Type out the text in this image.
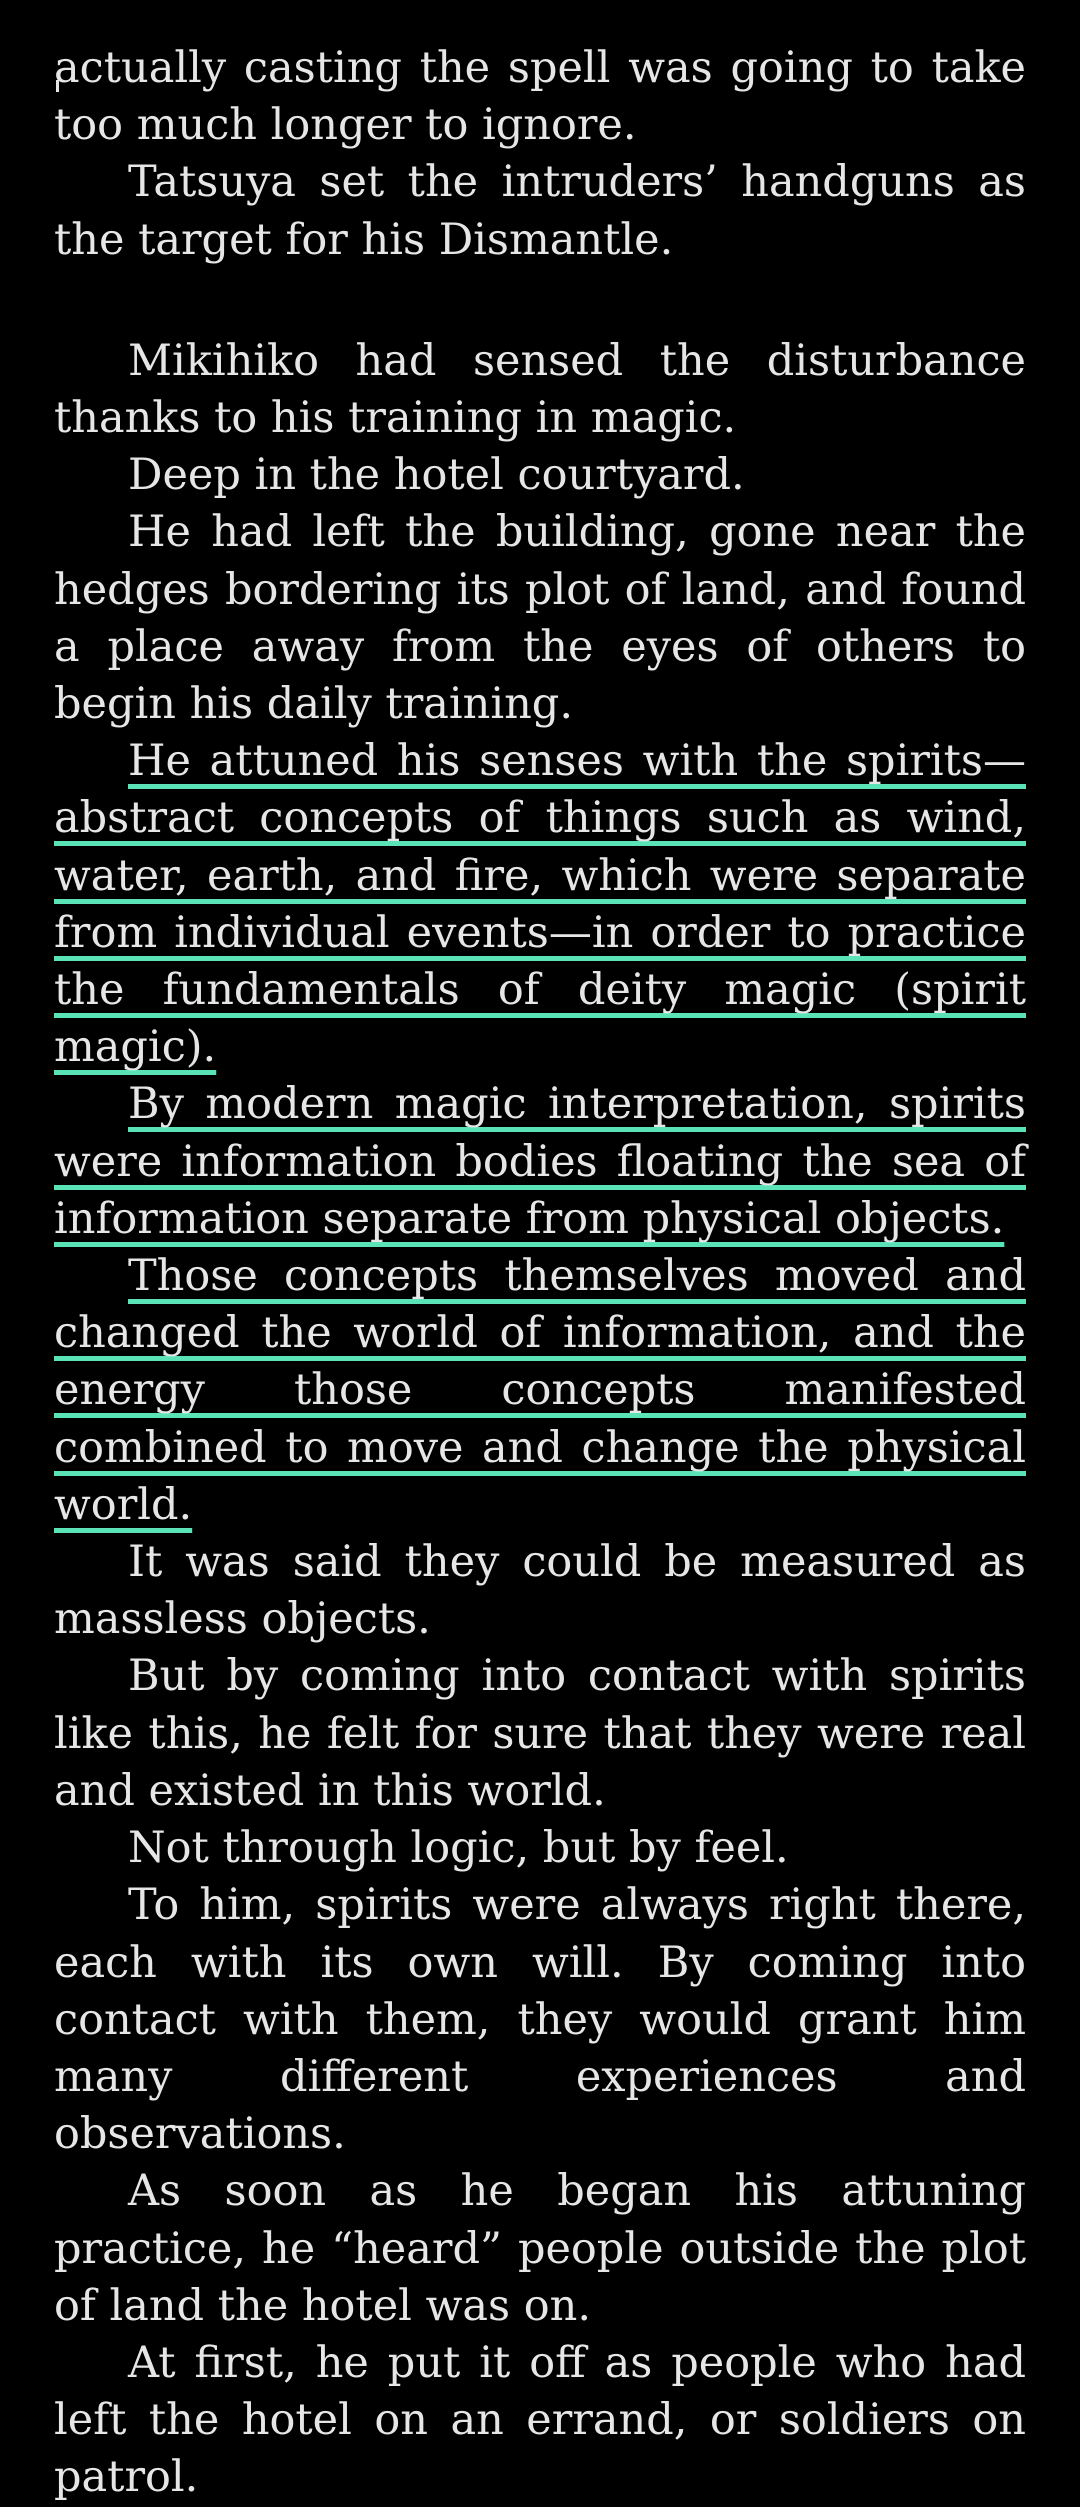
actually casting the spell was going to take too much longer to ignore.

Tatsuya set the intruders’ handguns as the target for his Dismantle.

Mikihiko had sensed the disturbance thanks to his training in magic.

Deep in the hotel courtyard.

He had left the building, gone near the hedges bordering its plot of land, and found a place away from the eyes of others to begin his daily training.

He attuned his senses with the spirits—abstract concepts of things such as wind, water, earth, and fire, which were separate from individual events—in order to practice the fundamentals of deity magic (spirit magic).

By modern magic interpretation, spirits were information bodies floating the sea of information separate from physical objects.

Those concepts themselves moved and changed the world of information, and the energy those concepts manifested combined to move and change the physical world.

It was said they could be measured as massless objects.

But by coming into contact with spirits like this, he felt for sure that they were real and existed in this world.

Not through logic, but by feel.

To him, spirits were always right there, each with its own will. By coming into contact with them, they would grant him many different experiences and observations.

As soon as he began his attuning practice, he “heard” people outside the plot of land the hotel was on.

At first, he put it off as people who had left the hotel on an errand, or soldiers on patrol.
